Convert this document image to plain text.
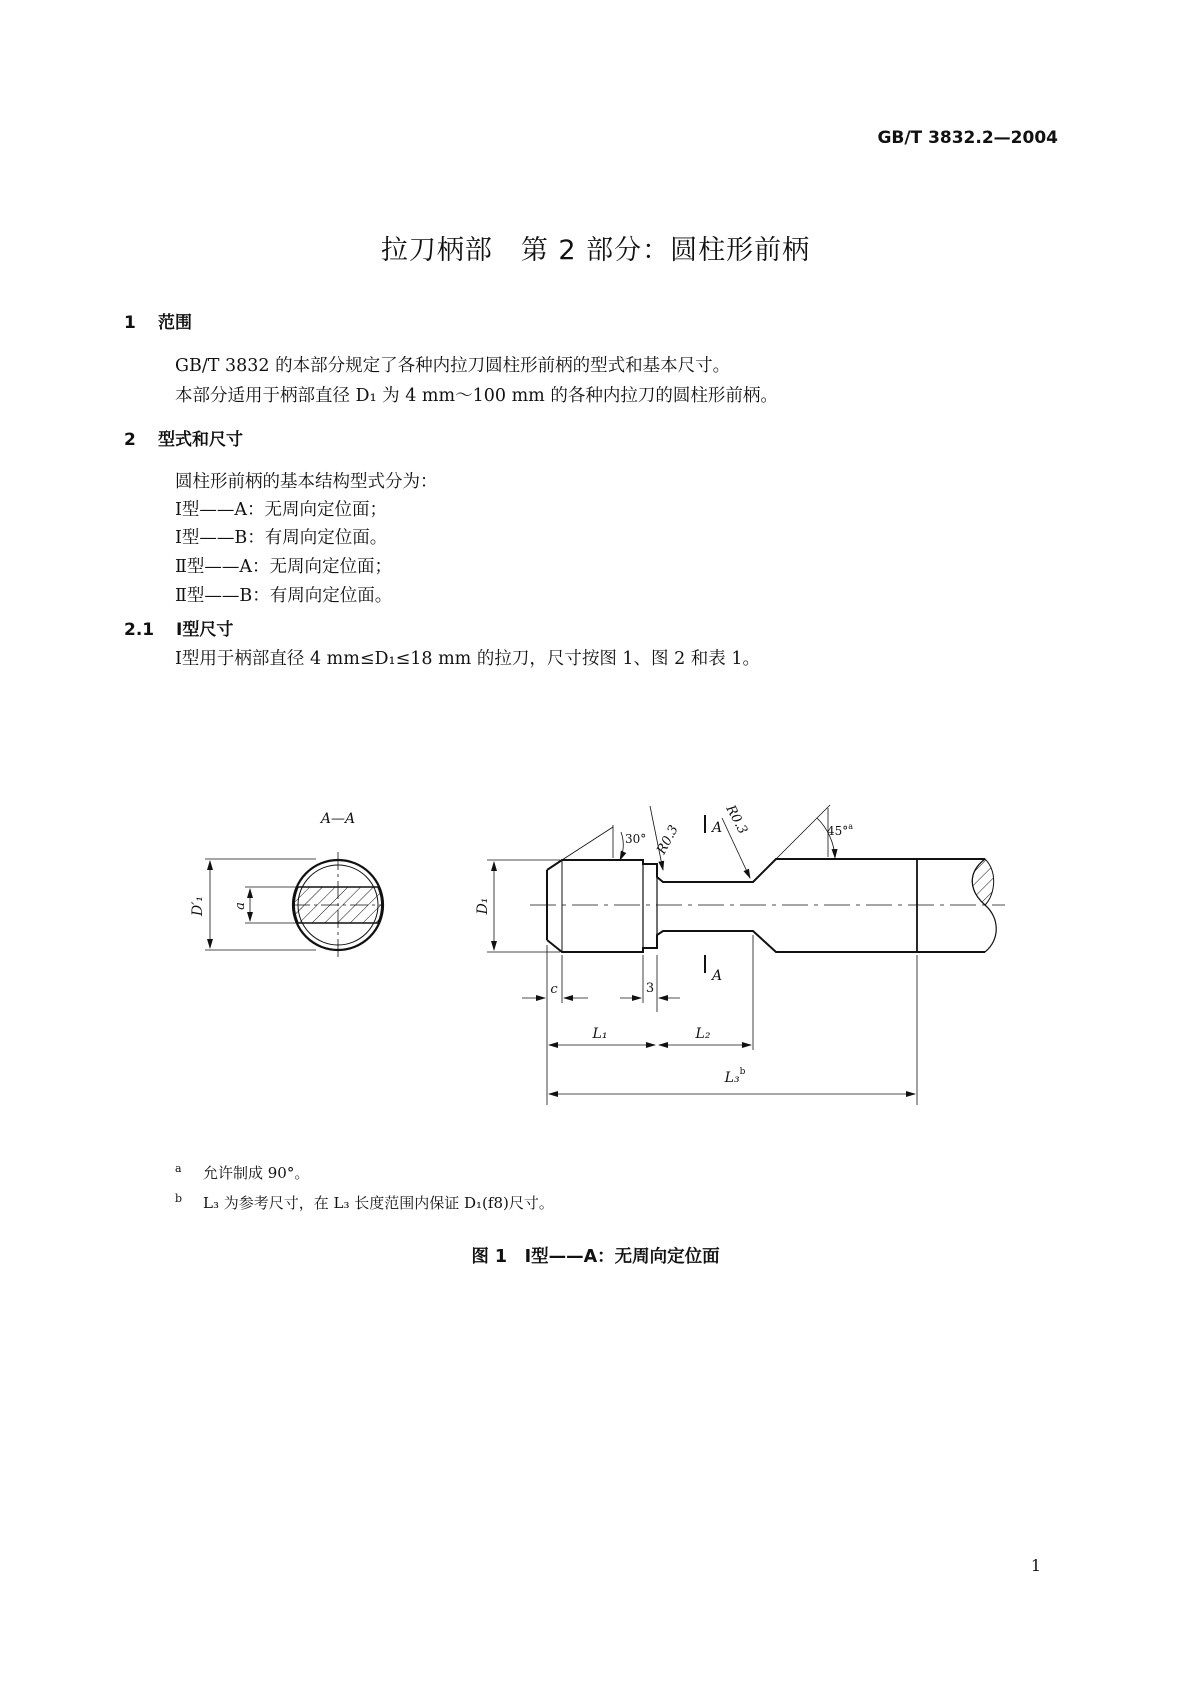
GB/T 3832.2—2004
拉刀柄部　第 2 部分：圆柱形前柄
1 范围
GB/T 3832 的本部分规定了各种内拉刀圆柱形前柄的型式和基本尺寸。
本部分适用于柄部直径 D₁ 为 4 mm～100 mm 的各种内拉刀的圆柱形前柄。
2 型式和尺寸
圆柱形前柄的基本结构型式分为：
Ⅰ型——A：无周向定位面；
Ⅰ型——B：有周向定位面。
Ⅱ型——A：无周向定位面；
Ⅱ型——B：有周向定位面。
2.1 Ⅰ型尺寸
Ⅰ型用于柄部直径 4 mm≤D₁≤18 mm 的拉刀，尺寸按图 1、图 2 和表 1。
A—A
D′₁ a	D₁
30° R0.3
R0.3
A
A
45°$^a$
c	3
L₁	L₂
L₃$^b$
a 允许制成 90°。
b L₃ 为参考尺寸，在 L₃ 长度范围内保证 D₁(f8)尺寸。
图 1　Ⅰ型——A：无周向定位面
1
